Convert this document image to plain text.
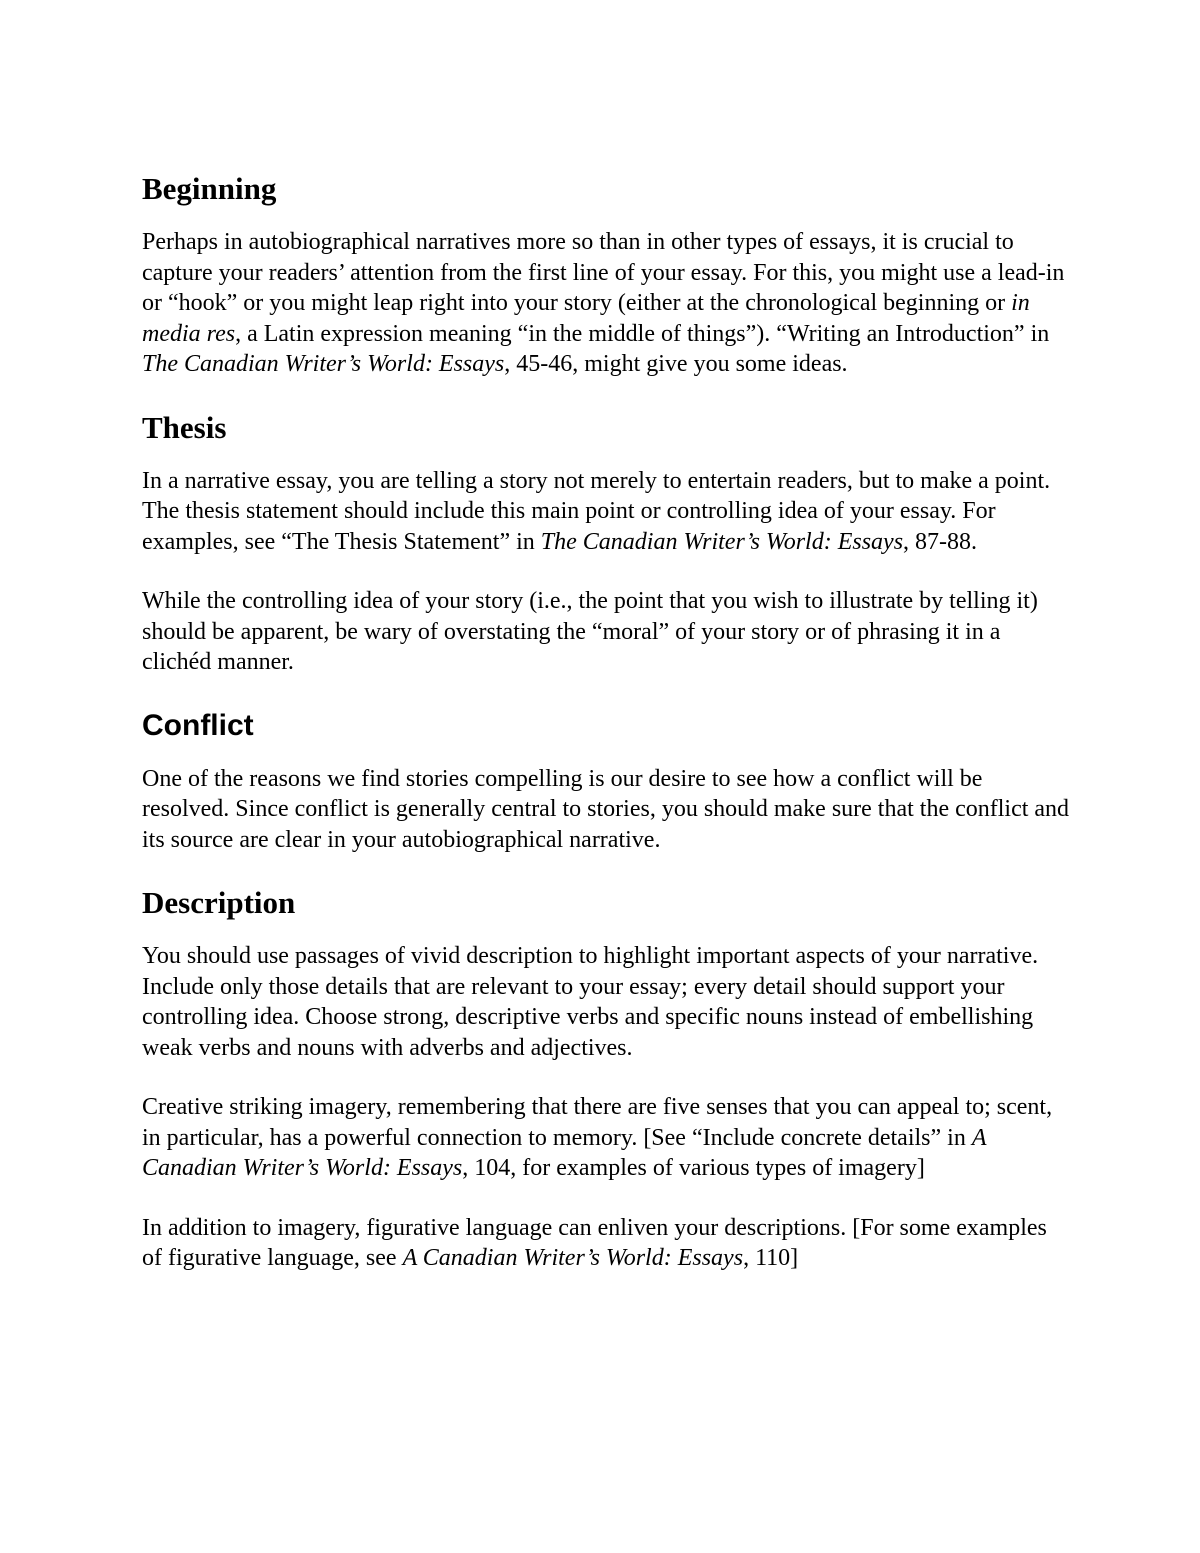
Beginning

Perhaps in autobiographical narratives more so than in other types of essays, it is crucial to capture your readers’ attention from the first line of your essay. For this, you might use a lead-in or “hook” or you might leap right into your story (either at the chronological beginning or in media res, a Latin expression meaning “in the middle of things”). “Writing an Introduction” in The Canadian Writer’s World: Essays, 45-46, might give you some ideas.

Thesis

In a narrative essay, you are telling a story not merely to entertain readers, but to make a point. The thesis statement should include this main point or controlling idea of your essay. For examples, see “The Thesis Statement” in The Canadian Writer’s World: Essays, 87-88.

While the controlling idea of your story (i.e., the point that you wish to illustrate by telling it) should be apparent, be wary of overstating the “moral” of your story or of phrasing it in a clichéd manner.

Conflict

One of the reasons we find stories compelling is our desire to see how a conflict will be resolved. Since conflict is generally central to stories, you should make sure that the conflict and its source are clear in your autobiographical narrative.

Description

You should use passages of vivid description to highlight important aspects of your narrative. Include only those details that are relevant to your essay; every detail should support your controlling idea. Choose strong, descriptive verbs and specific nouns instead of embellishing weak verbs and nouns with adverbs and adjectives.

Creative striking imagery, remembering that there are five senses that you can appeal to; scent, in particular, has a powerful connection to memory. [See “Include concrete details” in A Canadian Writer’s World: Essays, 104, for examples of various types of imagery]

In addition to imagery, figurative language can enliven your descriptions. [For some examples of figurative language, see A Canadian Writer’s World: Essays, 110]
